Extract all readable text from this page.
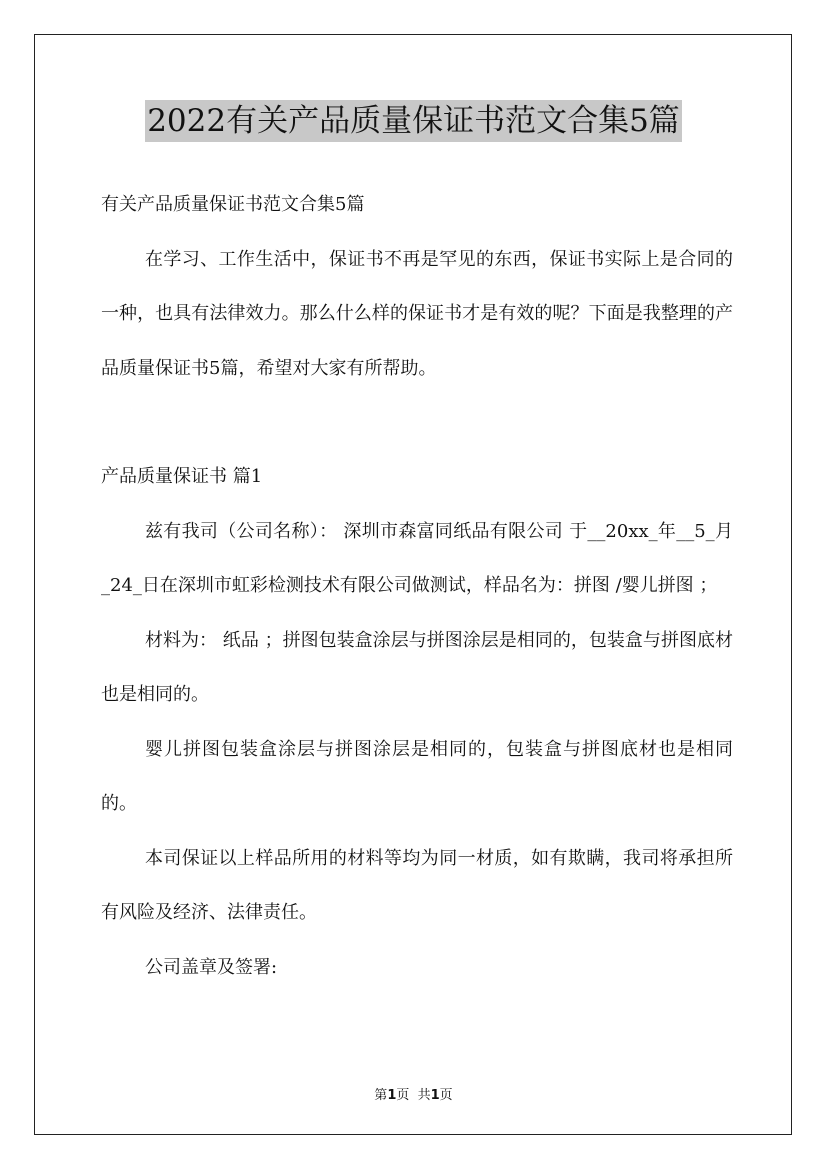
2022有关产品质量保证书范文合集5篇

有关产品质量保证书范文合集5篇

在学习、工作生活中，保证书不再是罕见的东西，保证书实际上是合同的一种，也具有法律效力。那么什么样的保证书才是有效的呢？下面是我整理的产品质量保证书5篇，希望对大家有所帮助。

产品质量保证书 篇1

兹有我司（公司名称）： 深圳市森富同纸品有限公司 于__20xx_年__5_月_24_日在深圳市虹彩检测技术有限公司做测试，样品名为：拼图 /婴儿拼图 ；

材料为： 纸品 ；拼图包装盒涂层与拼图涂层是相同的，包装盒与拼图底材也是相同的。

婴儿拼图包装盒涂层与拼图涂层是相同的，包装盒与拼图底材也是相同的。

本司保证以上样品所用的材料等均为同一材质，如有欺瞒，我司将承担所有风险及经济、法律责任。

公司盖章及签署:

第1页  共1页
